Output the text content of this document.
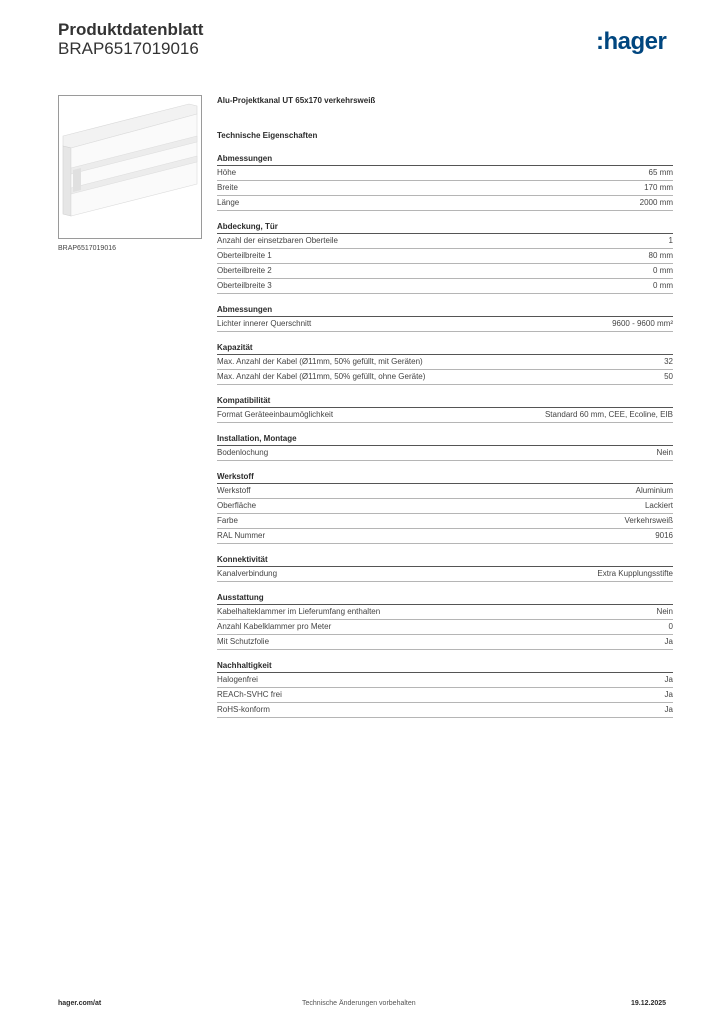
Produktdatenblatt
BRAP6517019016	:hager
BRAP6517019016
Alu-Projektkanal UT 65x170 verkehrsweiß
Technische Eigenschaften
Abmessungen
Höhe	65 mm
Breite	170 mm
Länge	2000 mm
Abdeckung, Tür
Anzahl der einsetzbaren Oberteile	1
Oberteilbreite 1	80 mm
Oberteilbreite 2	0 mm
Oberteilbreite 3	0 mm
Abmessungen
Lichter innerer Querschnitt	9600 - 9600 mm²
Kapazität
Max. Anzahl der Kabel (Ø11mm, 50% gefüllt, mit Geräten)	32
Max. Anzahl der Kabel (Ø11mm, 50% gefüllt, ohne Geräte)	50
Kompatibilität
Format Geräteeinbaumöglichkeit	Standard 60 mm, CEE, Ecoline, EIB
Installation, Montage
Bodenlochung	Nein
Werkstoff
Werkstoff	Aluminium
Oberfläche	Lackiert
Farbe	Verkehrsweiß
RAL Nummer	9016
Konnektivität
Kanalverbindung	Extra Kupplungsstifte
Ausstattung
Kabelhalteklammer im Lieferumfang enthalten	Nein
Anzahl Kabelklammer pro Meter	0
Mit Schutzfolie	Ja
Nachhaltigkeit
Halogenfrei	Ja
REACh-SVHC frei	Ja
RoHS-konform	Ja
hager.com/at	Technische Änderungen vorbehalten	19.12.2025
